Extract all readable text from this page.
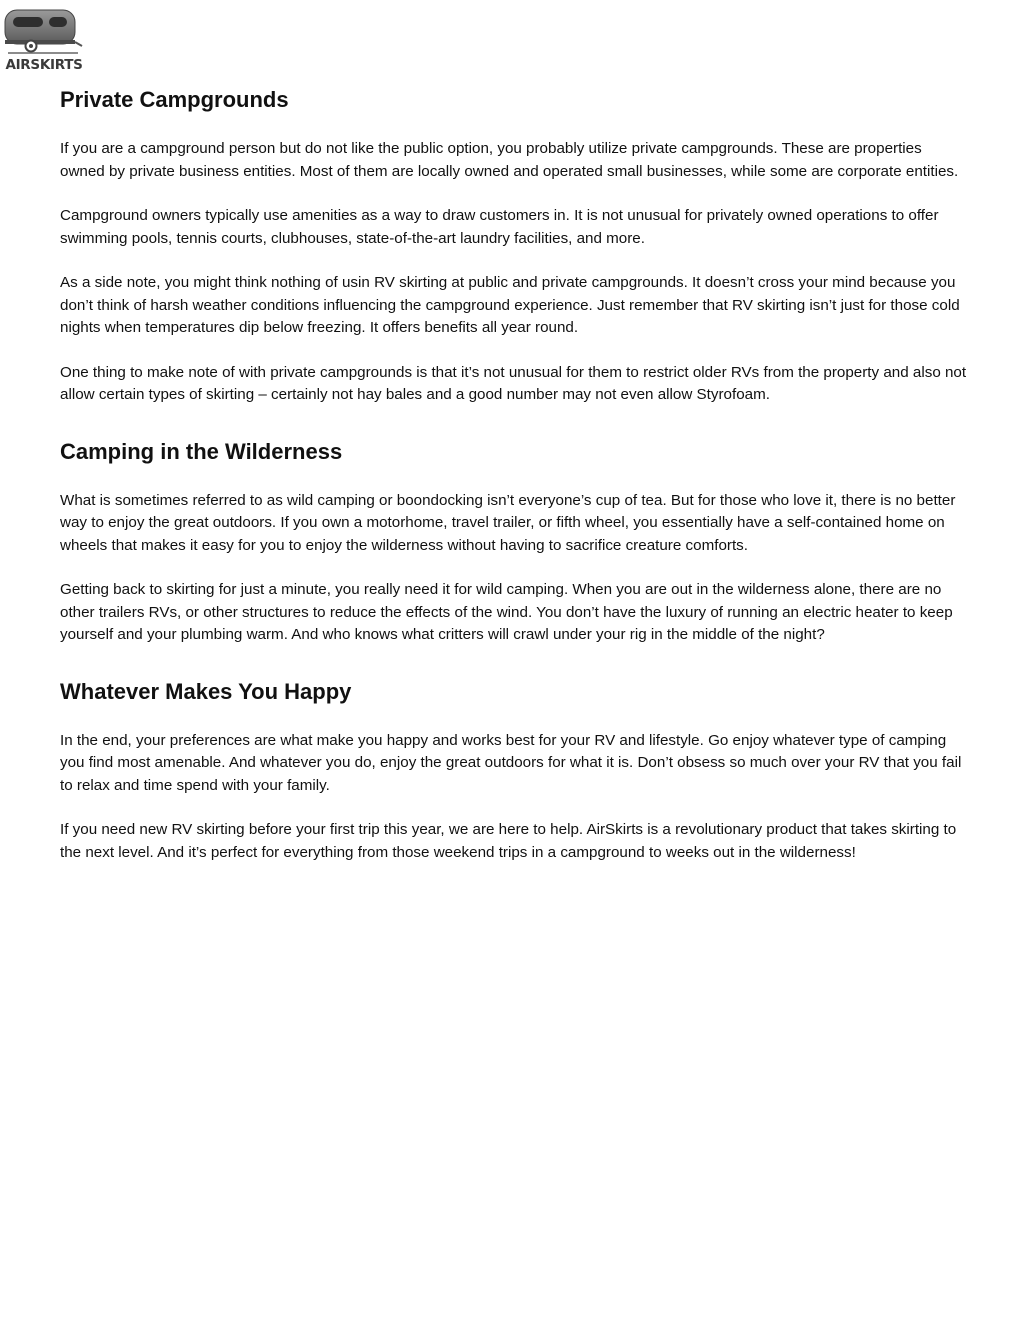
AIRSKIRTS
Private Campgrounds

If you are a campground person but do not like the public option, you probably utilize private campgrounds. These are properties owned by private business entities. Most of them are locally owned and operated small businesses, while some are corporate entities.

Campground owners typically use amenities as a way to draw customers in. It is not unusual for privately owned operations to offer swimming pools, tennis courts, clubhouses, state-of-the-art laundry facilities, and more.

As a side note, you might think nothing of usin RV skirting at public and private campgrounds. It doesn’t cross your mind because you don’t think of harsh weather conditions influencing the campground experience. Just remember that RV skirting isn’t just for those cold nights when temperatures dip below freezing. It offers benefits all year round.

One thing to make note of with private campgrounds is that it’s not unusual for them to restrict older RVs from the property and also not allow certain types of skirting – certainly not hay bales and a good number may not even allow Styrofoam.

Camping in the Wilderness

What is sometimes referred to as wild camping or boondocking isn’t everyone’s cup of tea. But for those who love it, there is no better way to enjoy the great outdoors. If you own a motorhome, travel trailer, or fifth wheel, you essentially have a self-contained home on wheels that makes it easy for you to enjoy the wilderness without having to sacrifice creature comforts.

Getting back to skirting for just a minute, you really need it for wild camping. When you are out in the wilderness alone, there are no other trailers RVs, or other structures to reduce the effects of the wind. You don’t have the luxury of running an electric heater to keep yourself and your plumbing warm. And who knows what critters will crawl under your rig in the middle of the night?

Whatever Makes You Happy

In the end, your preferences are what make you happy and works best for your RV and lifestyle. Go enjoy whatever type of camping you find most amenable. And whatever you do, enjoy the great outdoors for what it is. Don’t obsess so much over your RV that you fail to relax and time spend with your family.

If you need new RV skirting before your first trip this year, we are here to help. AirSkirts is a revolutionary product that takes skirting to the next level. And it’s perfect for everything from those weekend trips in a campground to weeks out in the wilderness!
